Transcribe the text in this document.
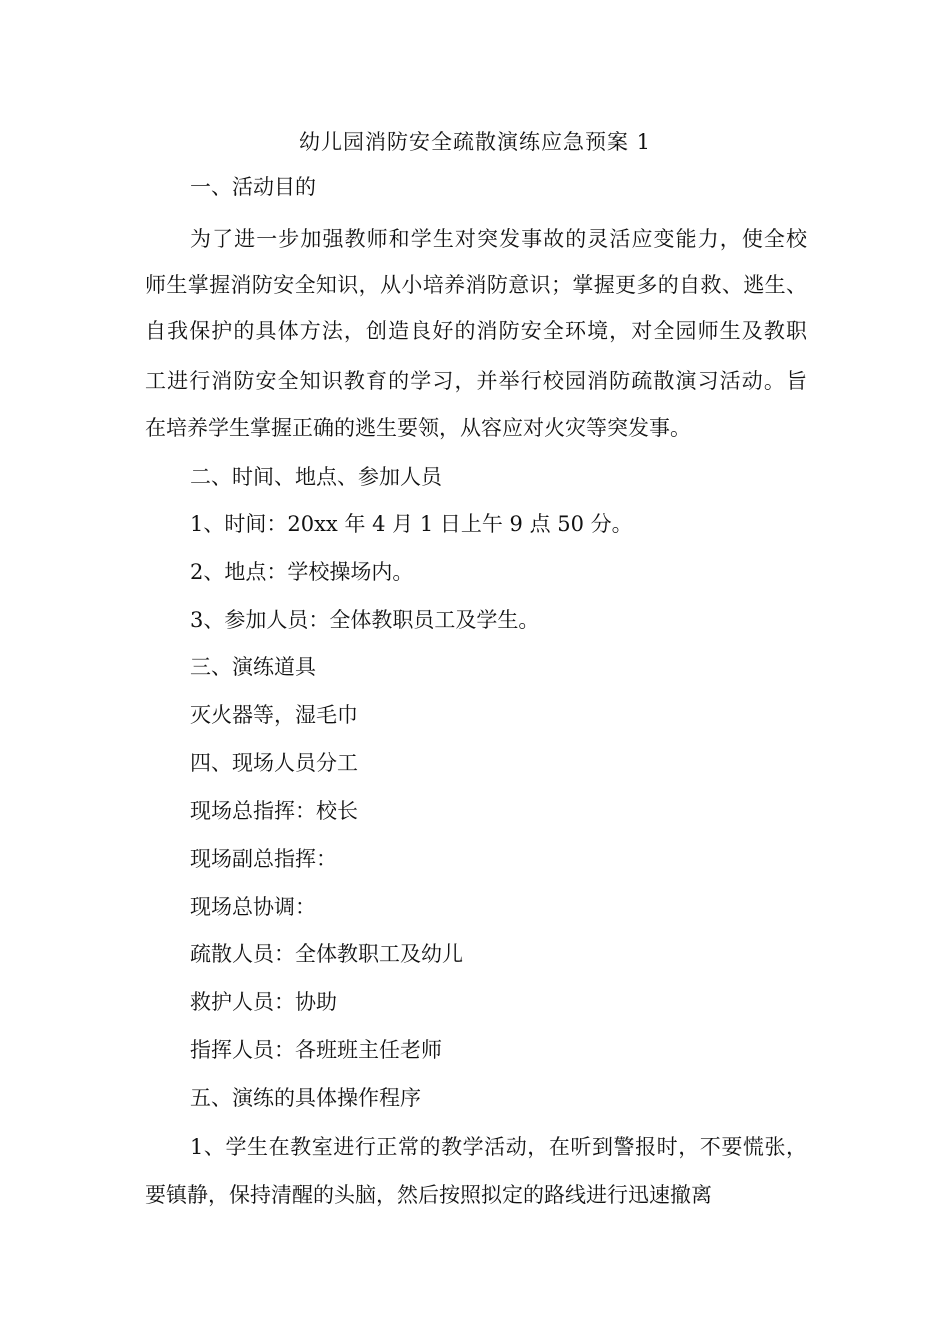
幼儿园消防安全疏散演练应急预案 1
一、活动目的
为了进一步加强教师和学生对突发事故的灵活应变能力，使全校
师生掌握消防安全知识，从小培养消防意识；掌握更多的自救、逃生、
自我保护的具体方法，创造良好的消防安全环境，对全园师生及教职
工进行消防安全知识教育的学习，并举行校园消防疏散演习活动。旨
在培养学生掌握正确的逃生要领，从容应对火灾等突发事。
二、时间、地点、参加人员
1、时间：20xx 年 4 月 1 日上午 9 点 50 分。
2、地点：学校操场内。
3、参加人员：全体教职员工及学生。
三、演练道具
灭火器等，湿毛巾
四、现场人员分工
现场总指挥：校长
现场副总指挥：
现场总协调：
疏散人员：全体教职工及幼儿
救护人员：协助
指挥人员：各班班主任老师
五、演练的具体操作程序
1、学生在教室进行正常的教学活动，在听到警报时，不要慌张，
要镇静，保持清醒的头脑，然后按照拟定的路线进行迅速撤离
